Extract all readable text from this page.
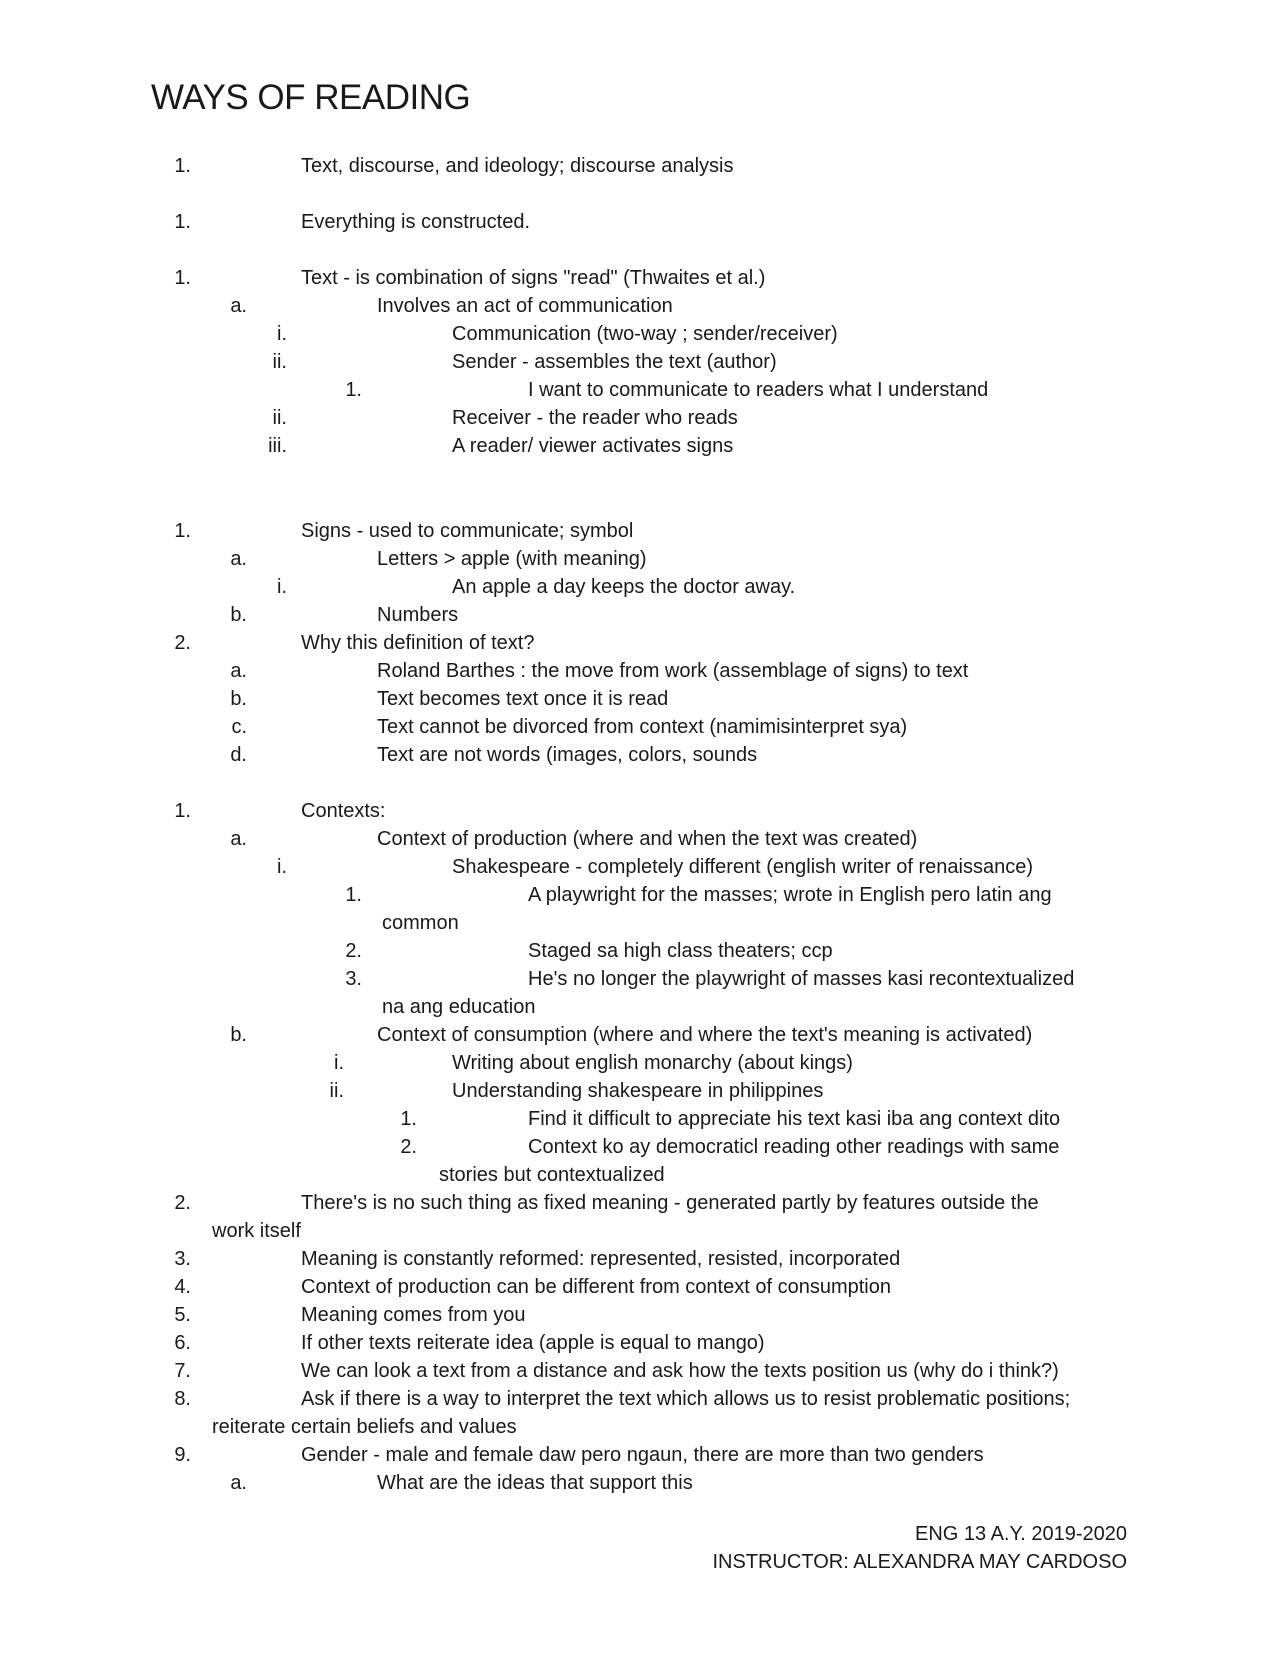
WAYS OF READING
1.	Text, discourse, and ideology; discourse analysis
1.	Everything is constructed.
1.	Text - is combination of signs "read" (Thwaites et al.)
a.	Involves an act of communication
i.	Communication (two-way ; sender/receiver)
ii.	Sender - assembles the text (author)
1.	I want to communicate to readers what I understand
ii.	Receiver - the reader who reads
iii.	A reader/ viewer activates signs
1.	Signs - used to communicate; symbol
a.	Letters > apple (with meaning)
i.	An apple a day keeps the doctor away.
b.	Numbers
2.	Why this definition of text?
a.	Roland Barthes : the move from work (assemblage of signs) to text
b.	Text becomes text once it is read
c.	Text cannot be divorced from context (namimisinterpret sya)
d.	Text are not words (images, colors, sounds
1.	Contexts:
a.	Context of production (where and when the text was created)
i.	Shakespeare - completely different (english writer of renaissance)
1.	A playwright for the masses; wrote in English pero latin ang
common
2.	Staged sa high class theaters; ccp
3.	He's no longer the playwright of masses kasi recontextualized
na ang education
b.	Context of consumption (where and where the text's meaning is activated)
i.	Writing about english monarchy (about kings)
ii.	Understanding shakespeare in philippines
1.	Find it difficult to appreciate his text kasi iba ang context dito
2.	Context ko ay democraticl reading other readings with same
stories but contextualized
2.	There's is no such thing as fixed meaning - generated partly by features outside the
work itself
3.	Meaning is constantly reformed: represented, resisted, incorporated
4.	Context of production can be different from context of consumption
5.	Meaning comes from you
6.	If other texts reiterate idea (apple is equal to mango)
7.	We can look a text from a distance and ask how the texts position us (why do i think?)
8.	Ask if there is a way to interpret the text which allows us to resist problematic positions;
reiterate certain beliefs and values
9.	Gender - male and female daw pero ngaun, there are more than two genders
a.	What are the ideas that support this
ENG 13 A.Y. 2019-2020
INSTRUCTOR: ALEXANDRA MAY CARDOSO
